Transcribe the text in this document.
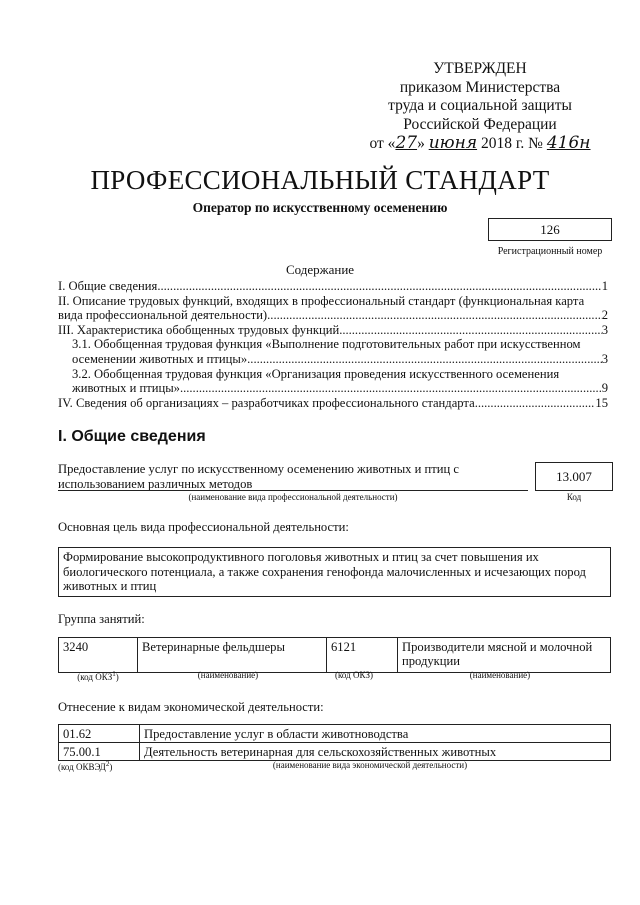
УТВЕРЖДЕН
приказом Министерства
труда и социальной защиты
Российской Федерации
от «27» июня 2018 г. № 416н
ПРОФЕССИОНАЛЬНЫЙ СТАНДАРТ
Оператор по искусственному осеменению
126
Регистрационный номер
Содержание
I. Общие сведения .....	1
II. Описание трудовых функций, входящих в профессиональный стандарт (функциональная карта
вида профессиональной деятельности) .....	2
III. Характеристика обобщенных трудовых функций .....	3
3.1. Обобщенная трудовая функция «Выполнение подготовительных работ при искусственном
осеменении животных и птицы» .....	3
3.2. Обобщенная трудовая функция «Организация проведения искусственного осеменения
животных и птицы» .....	9
IV. Сведения об организациях – разработчиках профессионального стандарта .....	15
I. Общие сведения
Предоставление услуг по искусственному осеменению животных и птиц с использованием различных методов
(наименование вида профессиональной деятельности)
13.007
Код
Основная цель вида профессиональной деятельности:
Формирование высокопродуктивного поголовья животных и птиц за счет повышения их биологического потенциала, а также сохранения генофонда малочисленных и исчезающих пород животных и птиц
Группа занятий:
3240	Ветеринарные фельдшеры	6121	Производители мясной и молочной продукции
(код ОКЗ$^1$)	(наименование)	(код ОКЗ)	(наименование)
Отнесение к видам экономической деятельности:
01.62	Предоставление услуг в области животноводства
75.00.1	Деятельность ветеринарная для сельскохозяйственных животных
(код ОКВЭД$^2$)	(наименование вида экономической деятельности)
